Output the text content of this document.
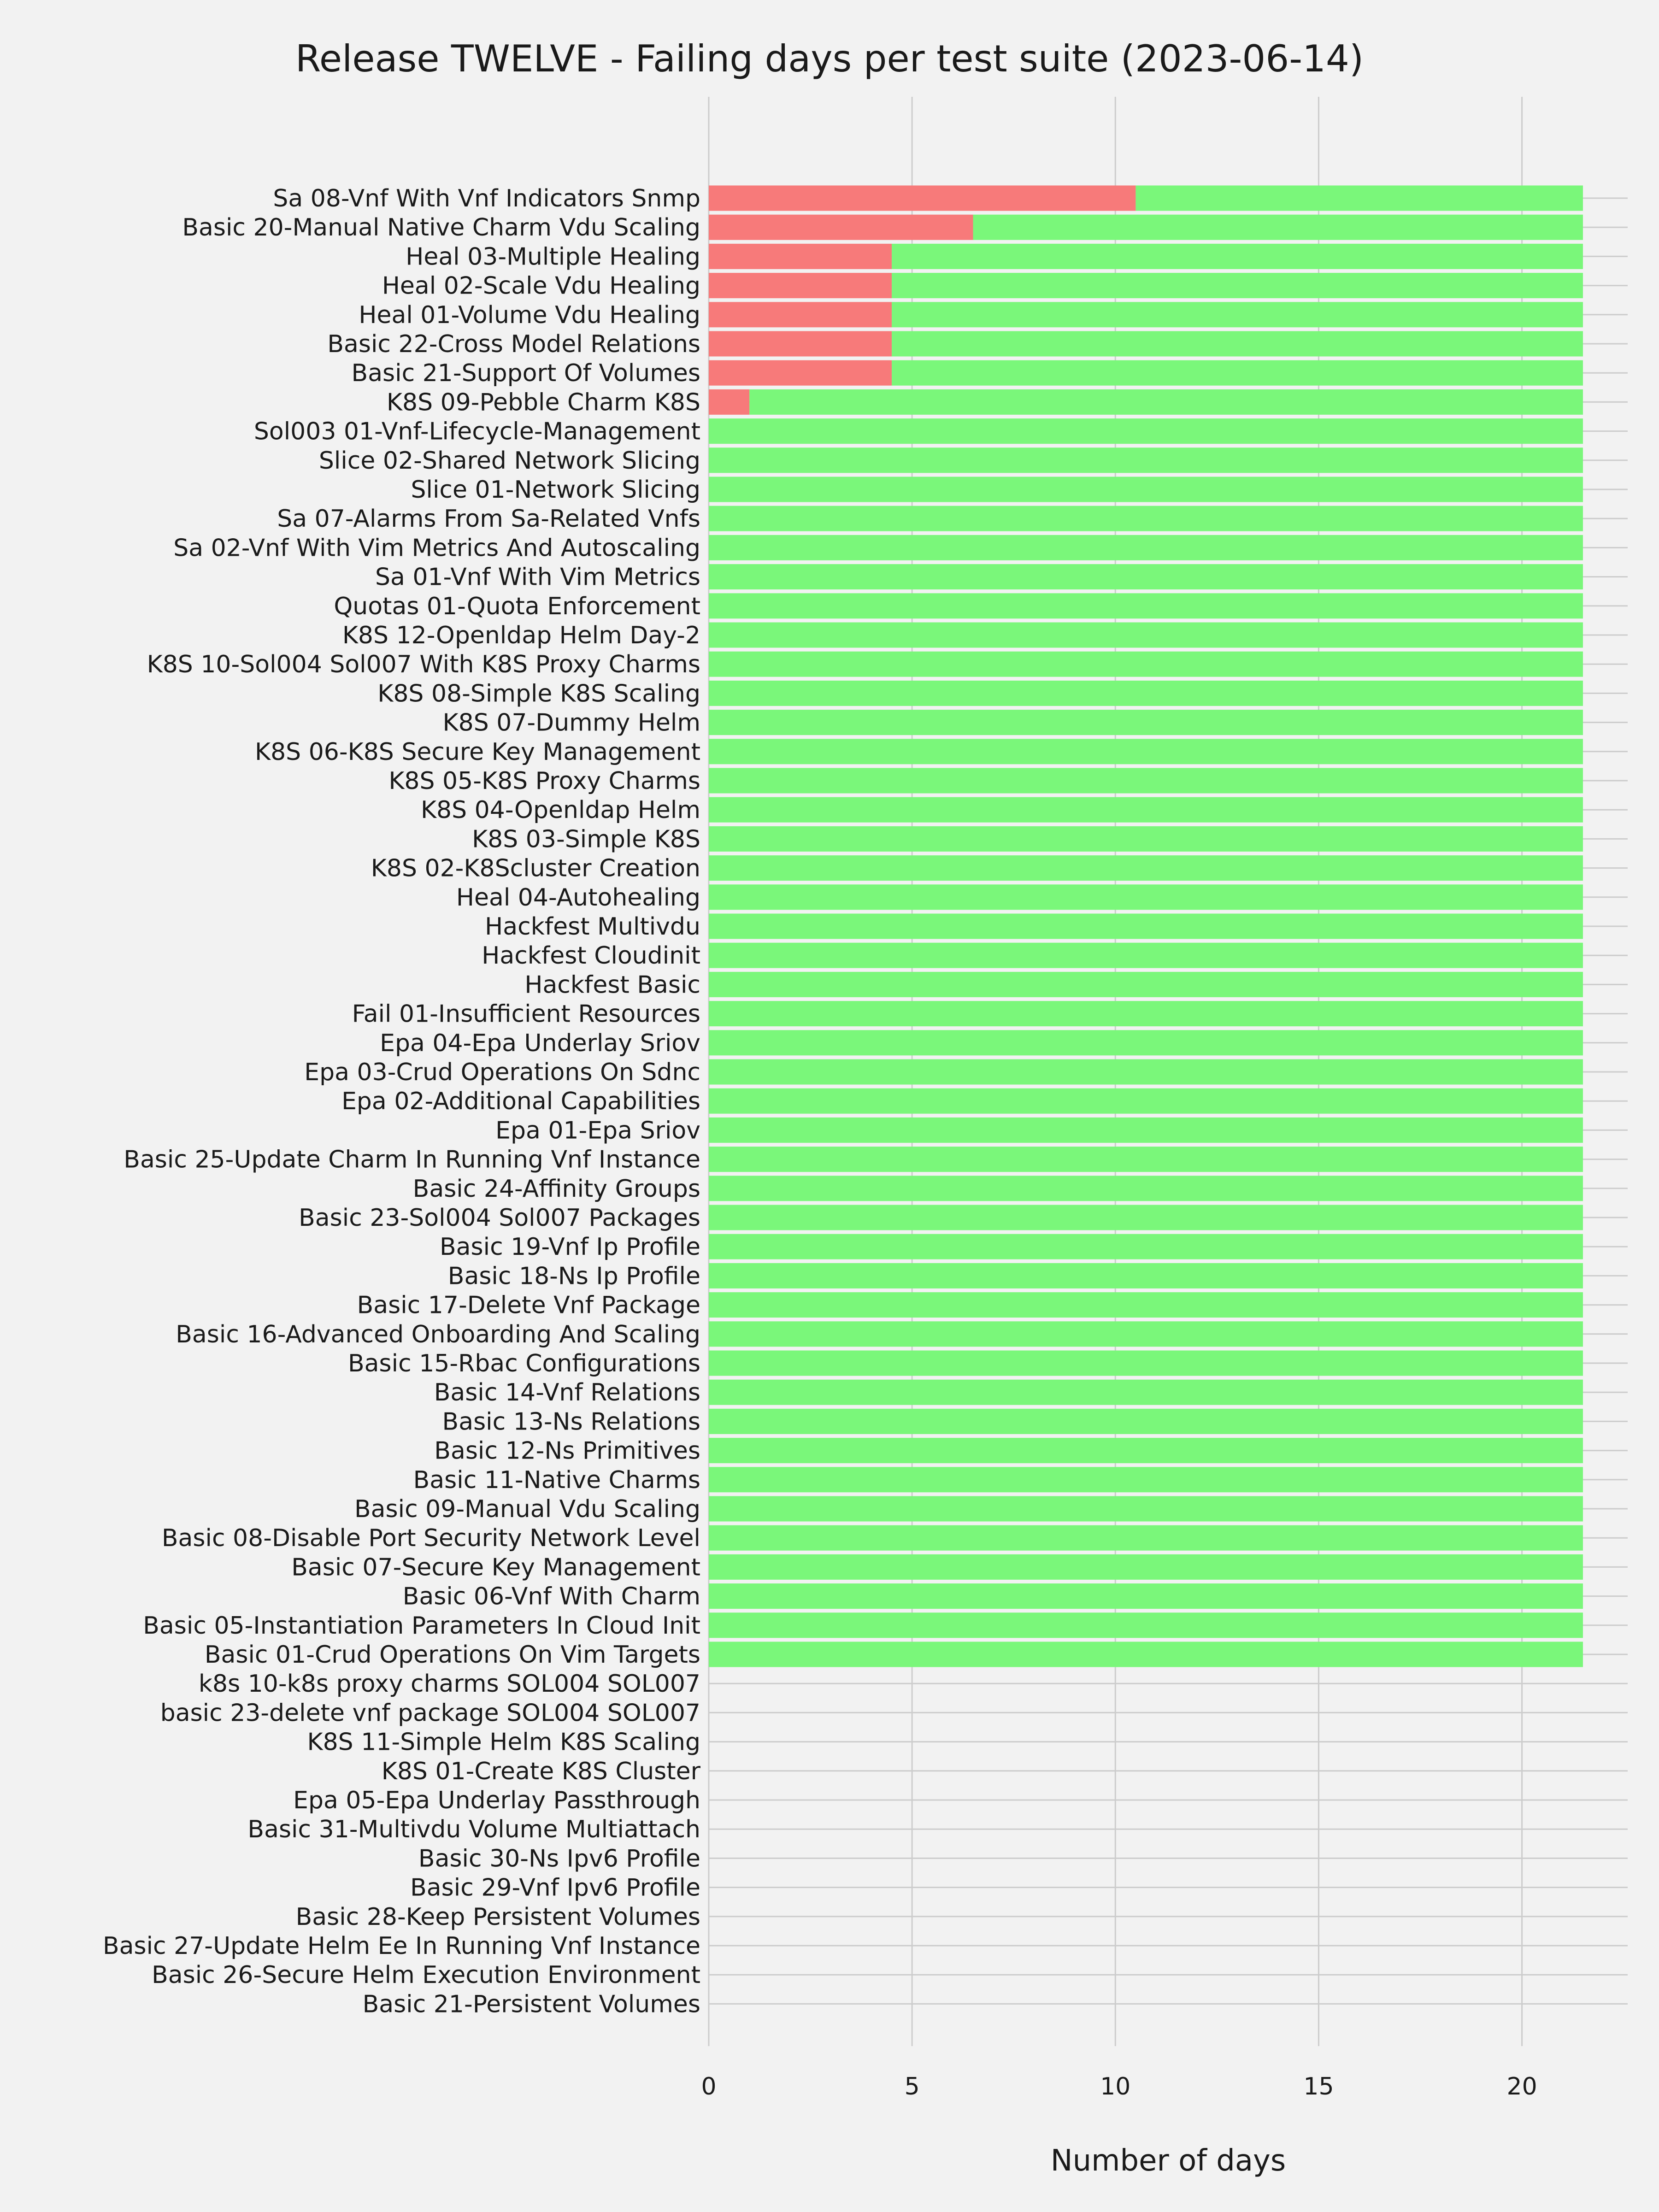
Release TWELVE - Failing days per test suite (2023-06-14)
Sa 08-Vnf With Vnf Indicators Snmp
Basic 20-Manual Native Charm Vdu Scaling
Heal 03-Multiple Healing
Heal 02-Scale Vdu Healing
Heal 01-Volume Vdu Healing
Basic 22-Cross Model Relations
Basic 21-Support Of Volumes
K8S 09-Pebble Charm K8S
Sol003 01-Vnf-Lifecycle-Management
Slice 02-Shared Network Slicing
Slice 01-Network Slicing
Sa 07-Alarms From Sa-Related Vnfs
Sa 02-Vnf With Vim Metrics And Autoscaling
Sa 01-Vnf With Vim Metrics
Quotas 01-Quota Enforcement
K8S 12-Openldap Helm Day-2
K8S 10-Sol004 Sol007 With K8S Proxy Charms
K8S 08-Simple K8S Scaling
K8S 07-Dummy Helm
K8S 06-K8S Secure Key Management
K8S 05-K8S Proxy Charms
K8S 04-Openldap Helm
K8S 03-Simple K8S
K8S 02-K8Scluster Creation
Heal 04-Autohealing
Hackfest Multivdu
Hackfest Cloudinit
Hackfest Basic
Fail 01-Insufficient Resources
Epa 04-Epa Underlay Sriov
Epa 03-Crud Operations On Sdnc
Epa 02-Additional Capabilities
Epa 01-Epa Sriov
Basic 25-Update Charm In Running Vnf Instance
Basic 24-Affinity Groups
Basic 23-Sol004 Sol007 Packages
Basic 19-Vnf Ip Profile
Basic 18-Ns Ip Profile
Basic 17-Delete Vnf Package
Basic 16-Advanced Onboarding And Scaling
Basic 15-Rbac Configurations
Basic 14-Vnf Relations
Basic 13-Ns Relations
Basic 12-Ns Primitives
Basic 11-Native Charms
Basic 09-Manual Vdu Scaling
Basic 08-Disable Port Security Network Level
Basic 07-Secure Key Management
Basic 06-Vnf With Charm
Basic 05-Instantiation Parameters In Cloud Init
Basic 01-Crud Operations On Vim Targets
k8s 10-k8s proxy charms SOL004 SOL007
basic 23-delete vnf package SOL004 SOL007
K8S 11-Simple Helm K8S Scaling
K8S 01-Create K8S Cluster
Epa 05-Epa Underlay Passthrough
Basic 31-Multivdu Volume Multiattach
Basic 30-Ns Ipv6 Profile
Basic 29-Vnf Ipv6 Profile
Basic 28-Keep Persistent Volumes
Basic 27-Update Helm Ee In Running Vnf Instance
Basic 26-Secure Helm Execution Environment
Basic 21-Persistent Volumes
0	5	10	15	20
Number of days
